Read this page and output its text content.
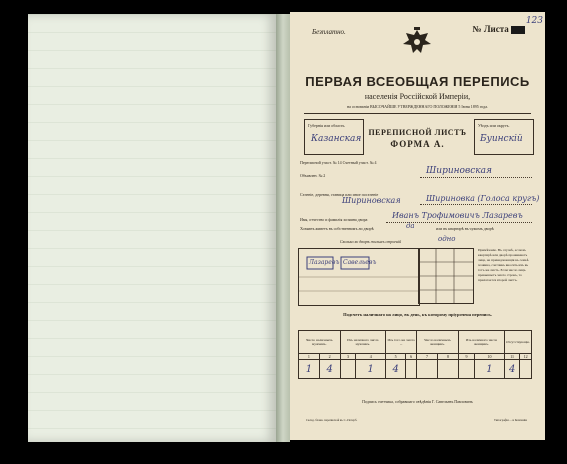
123
Безплатно.	№ Листа
ПЕРВАЯ ВСЕОБЩАЯ ПЕРЕПИСЬ
населенія Россійской Имперіи,
на основаніи ВЫСОЧАЙШЕ УТВЕРЖДЕННАГО ПОЛОЖЕНІЯ 5 Іюня 1895 года.
Губернія или область.
Казанская
ПЕРЕПИСНОЙ ЛИСТЪ
ФОРМА А.
Уѣздъ или округъ.
Буинскій
Переписной участ. № 14 Счетный участ. № 4
Объявлен. № 2	Шириновская
Селеніе, деревня, станица или иное поселеніе
Шириновская	Шириновка (Голоса кругъ)
Имя, отчество и фамилія хозяина двора	Иванъ Трофимовичъ Лазаревъ
Хозяинъ живетъ въ собственномъ ли дворѣ	да	или въ квартирѣ въ чужомъ дворѣ
Сколько во дворѣ жилыхъ строеній	одно
Лазаревъ Савельевъ
Примѣчаніе. Въ случаѣ, если въ квартирѣ или дворѣ проживаютъ лица, не принадлежащія къ семьѣ хозяина, счетчикъ вносить ихъ въ тотъ же листъ. Если число лицъ превышаетъ число строкъ, то прилагается второй листъ.
Подсчетъ наличнаго на лицо, въ день, къ которому пріурочена перепись.
Число наличныхъ мужчинъ.		Изъ наличнаго числа мужчинъ.		Изъ того же числа ...		Число наличныхъ женщинъ.		Изъ наличнаго числа женщинъ.		Отсутствующіе.	
1	2	3	4	5	6	7	8	9	10	11	12
1	4		1	4					1	4	
Подпись счетчика, собравшаго свѣдѣнія Г. Савельевъ Павловичъ
Склад. бланк. переписной въ С.-Петерб.	Типографія ... и Компаніи
